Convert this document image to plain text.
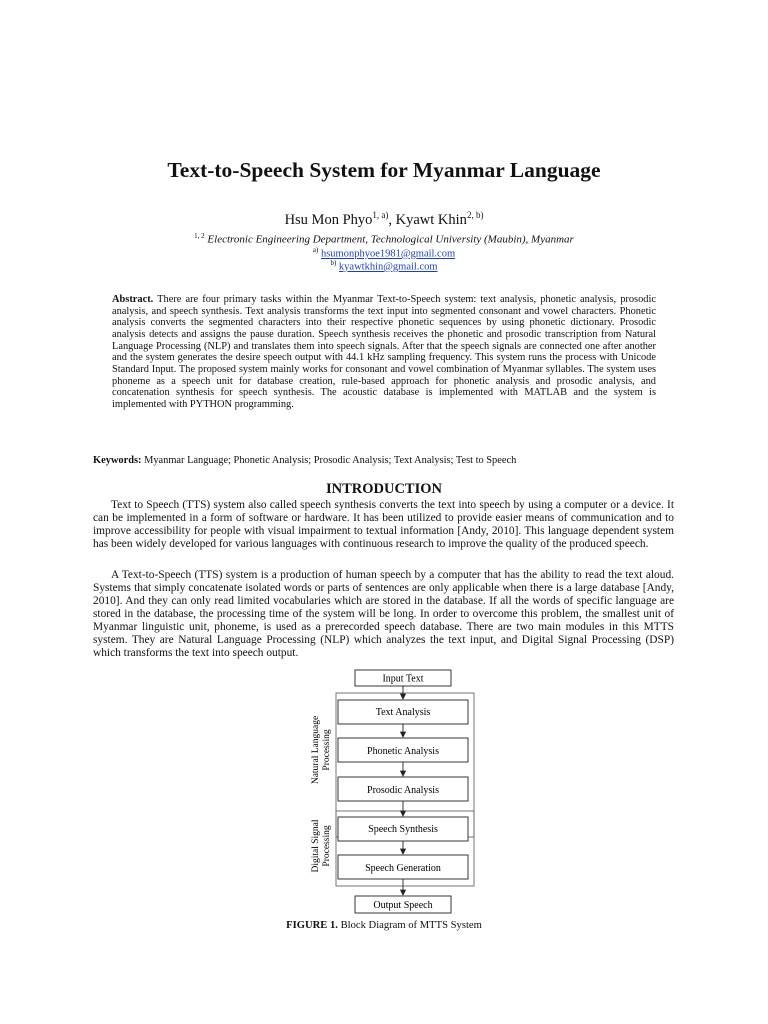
Text-to-Speech System for Myanmar Language

Hsu Mon Phyo$^{1, a)}$, Kyawt Khin$^{2, b)}$

$^{1, 2}$ Electronic Engineering Department, Technological University (Maubin), Myanmar

$^{a)}$ hsumonphyoe1981@gmail.com

$^{b)}$ kyawtkhin@gmail.com

Abstract. There are four primary tasks within the Myanmar Text-to-Speech system: text analysis, phonetic analysis, prosodic analysis, and speech synthesis. Text analysis transforms the text input into segmented consonant and vowel characters. Phonetic analysis converts the segmented characters into their respective phonetic sequences by using phonetic dictionary. Prosodic analysis detects and assigns the pause duration. Speech synthesis receives the phonetic and prosodic transcription from Natural Language Processing (NLP) and translates them into speech signals. After that the speech signals are connected one after another and the system generates the desire speech output with 44.1 kHz sampling frequency. This system runs the process with Unicode Standard Input. The proposed system mainly works for consonant and vowel combination of Myanmar syllables. The system uses phoneme as a speech unit for database creation, rule-based approach for phonetic analysis and prosodic analysis, and concatenation synthesis for speech synthesis. The acoustic database is implemented with MATLAB and the system is implemented with PYTHON programming.

Keywords: Myanmar Language; Phonetic Analysis; Prosodic Analysis; Text Analysis; Test to Speech

INTRODUCTION

Text to Speech (TTS) system also called speech synthesis converts the text into speech by using a computer or a device. It can be implemented in a form of software or hardware. It has been utilized to provide easier means of communication and to improve accessibility for people with visual impairment to textual information [Andy, 2010]. This language dependent system has been widely developed for various languages with continuous research to improve the quality of the produced speech.

A Text-to-Speech (TTS) system is a production of human speech by a computer that has the ability to read the text aloud. Systems that simply concatenate isolated words or parts of sentences are only applicable when there is a large database [Andy, 2010]. And they can only read limited vocabularies which are stored in the database. If all the words of specific language are stored in the database, the processing time of the system will be long. In order to overcome this problem, the smallest unit of Myanmar linguistic unit, phoneme, is used as a prerecorded speech database. There are two main modules in this MTTS system. They are Natural Language Processing (NLP) which analyzes the text input, and Digital Signal Processing (DSP) which transforms the text into speech output.

Input Text
Text Analysis
Phonetic Analysis
Prosodic Analysis
Speech Synthesis
Speech Generation
Output Speech
Natural Language Processing
Digital Signal Processing

FIGURE 1. Block Diagram of MTTS System
